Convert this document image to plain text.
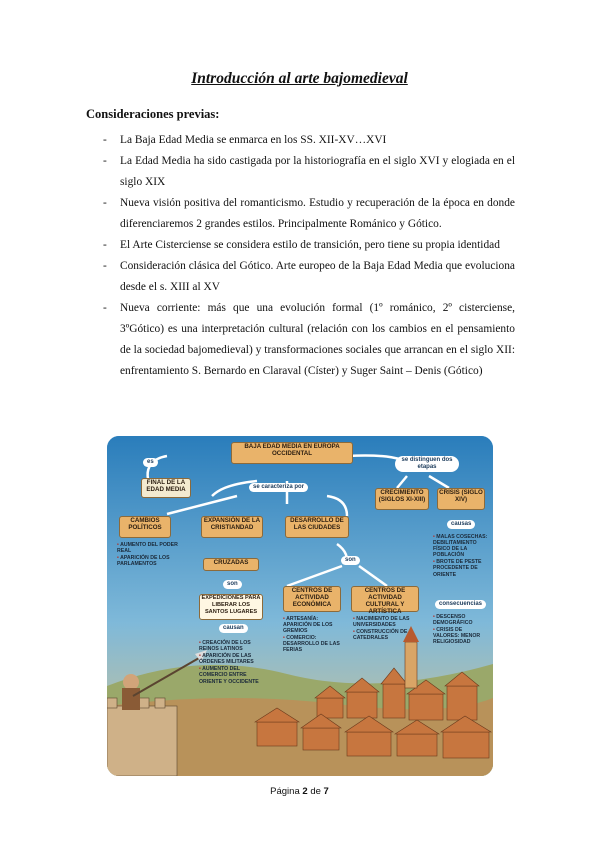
Introducción al arte bajomedieval
Consideraciones previas:
- La Baja Edad Media se enmarca en los SS. XII-XV…XVI
- La Edad Media ha sido castigada por la historiografía en el siglo XVI y elogiada en el siglo XIX
- Nueva visión positiva del romanticismo. Estudio y recuperación de la época en donde diferenciaremos 2 grandes estilos. Principalmente Románico y Gótico.
- El Arte Cisterciense se considera estilo de transición, pero tiene su propia identidad
- Consideración clásica del Gótico. Arte europeo de la Baja Edad Media que evoluciona desde el s. XIII al XV
- Nueva corriente: más que una evolución formal (1º románico, 2º cisterciense, 3ºGótico) es una interpretación cultural (relación con los cambios en el pensamiento de la sociedad bajomedieval) y transformaciones sociales que arrancan en el siglo XII: enfrentamiento S. Bernardo en Claraval (Císter) y Suger Saint – Denis (Gótico)
BAJA EDAD MEDIA EN EUROPA OCCIDENTAL
es
FINAL DE LA EDAD MEDIA	se caracteriza por
se distinguen dos etapas
CRECIMIENTO (SIGLOS XI-XIII)
CRISIS (SIGLO XIV)
CAMBIOS POLÍTICOS
EXPANSIÓN DE LA CRISTIANDAD
DESARROLLO DE LAS CIUDADES
• AUMENTO DEL PODER REAL
• APARICIÓN DE LOS PARLAMENTOS	CRUZADAS
son
EXPEDICIONES PARA LIBERAR LOS SANTOS LUGARES
causan
• CREACIÓN DE LOS REINOS LATINOS
• APARICIÓN DE LAS ÓRDENES MILITARES
• AUMENTO DEL COMERCIO ENTRE ORIENTE Y OCCIDENTE
son
CENTROS DE ACTIVIDAD ECONÓMICA
CENTROS DE ACTIVIDAD CULTURAL Y ARTÍSTICA
• ARTESANÍA: APARICIÓN DE LOS GREMIOS
• COMERCIO: DESARROLLO DE LAS FERIAS
• NACIMIENTO DE LAS UNIVERSIDADES
• CONSTRUCCIÓN DE CATEDRALES
causas
• MALAS COSECHAS: DEBILITAMIENTO FÍSICO DE LA POBLACIÓN
• BROTE DE PESTE PROCEDENTE DE ORIENTE
consecuencias
• DESCENSO DEMOGRÁFICO
• CRISIS DE VALORES: MENOR RELIGIOSIDAD
Página 2 de 7
